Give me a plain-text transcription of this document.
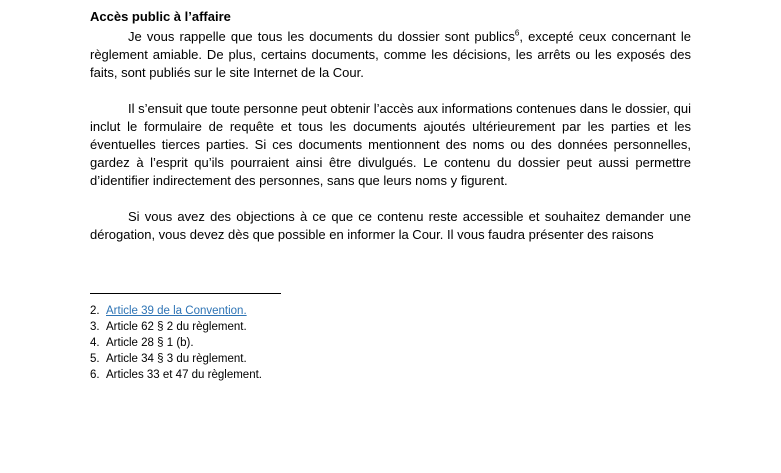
Accès public à l’affaire

Je vous rappelle que tous les documents du dossier sont publics$^6$, excepté ceux concernant le règlement amiable. De plus, certains documents, comme les décisions, les arrêts ou les exposés des faits, sont publiés sur le site Internet de la Cour.

Il s’ensuit que toute personne peut obtenir l’accès aux informations contenues dans le dossier, qui inclut le formulaire de requête et tous les documents ajoutés ultérieurement par les parties et les éventuelles tierces parties. Si ces documents mentionnent des noms ou des données personnelles, gardez à l’esprit qu’ils pourraient ainsi être divulgués. Le contenu du dossier peut aussi permettre d’identifier indirectement des personnes, sans que leurs noms y figurent.

Si vous avez des objections à ce que ce contenu reste accessible et souhaitez demander une dérogation, vous devez dès que possible en informer la Cour. Il vous faudra présenter des raisons

2. Article 39 de la Convention.
3. Article 62 § 2 du règlement.
4. Article 28 § 1 (b).
5. Article 34 § 3 du règlement.
6. Articles 33 et 47 du règlement.
